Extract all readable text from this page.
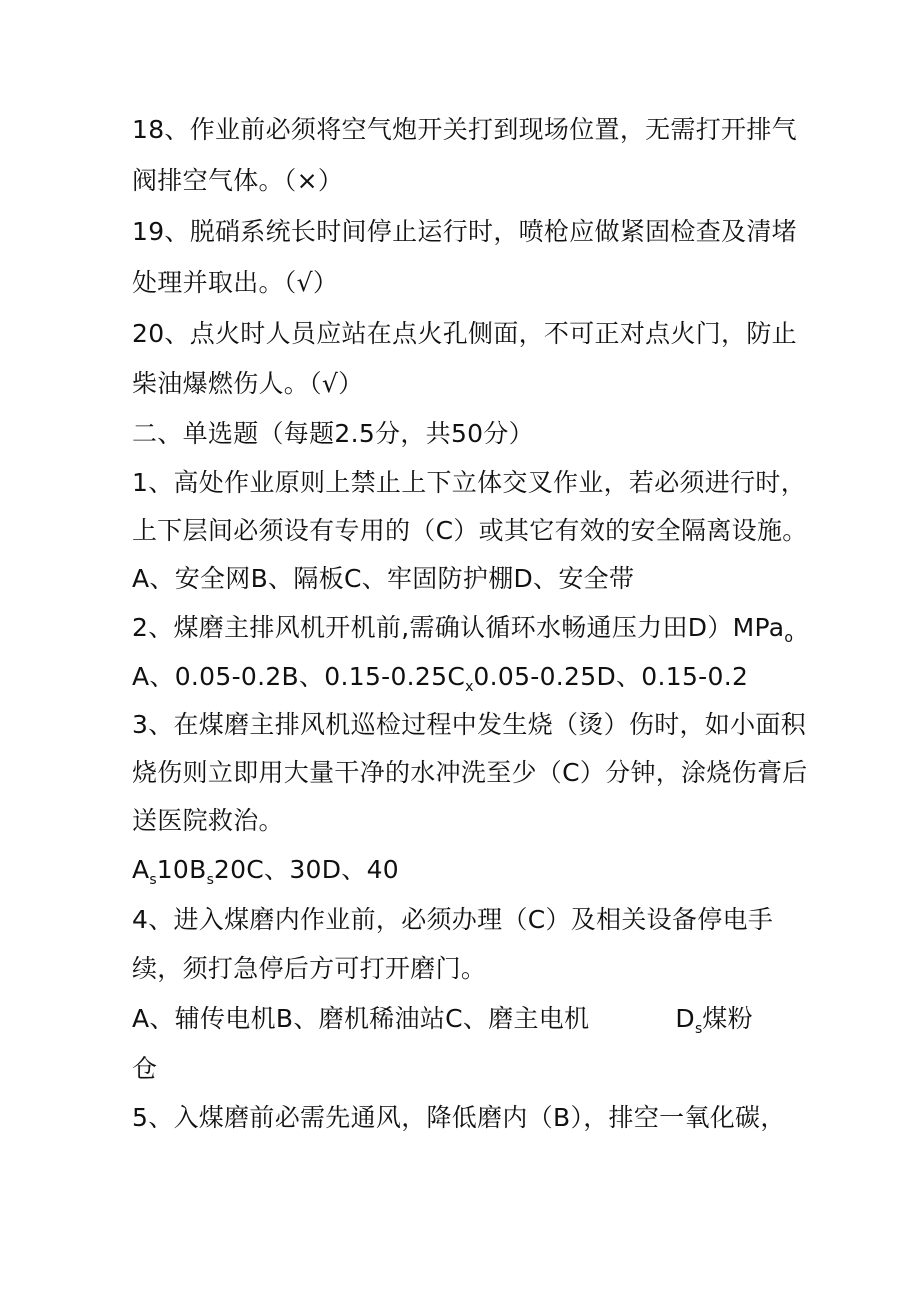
18、作业前必须将空气炮开关打到现场位置，无需打开排气
阀排空气体。（×）
19、脱硝系统长时间停止运行时，喷枪应做紧固检查及清堵
处理并取出。（√）
20、点火时人员应站在点火孔侧面，不可正对点火门，防止
柴油爆燃伤人。（√）
二、单选题（每题2.5分，共50分）
1、高处作业原则上禁止上下立体交叉作业，若必须进行时，
上下层间必须设有专用的（C）或其它有效的安全隔离设施。
A、安全网B、隔板C、牢固防护棚D、安全带
2、煤磨主排风机开机前,需确认循环水畅通压力田D）MPa$_o$
A、0.05-0.2B、$0.15-0.25C_x0.05-0.25D$、0.15-0.2
3、在煤磨主排风机巡检过程中发生烧（烫）伤时，如小面积
烧伤则立即用大量干净的水冲洗至少（C）分钟，涂烧伤膏后
送医院救治。
$A_s10B_s20C$、30D、40
4、进入煤磨内作业前，必须办理（C）及相关设备停电手
续，须打急停后方可打开磨门。
A、辅传电机B、磨机稀油站C、磨主电机	$D_s$煤粉
仓
5、入煤磨前必需先通风，降低磨内（B），排空一氧化碳，
